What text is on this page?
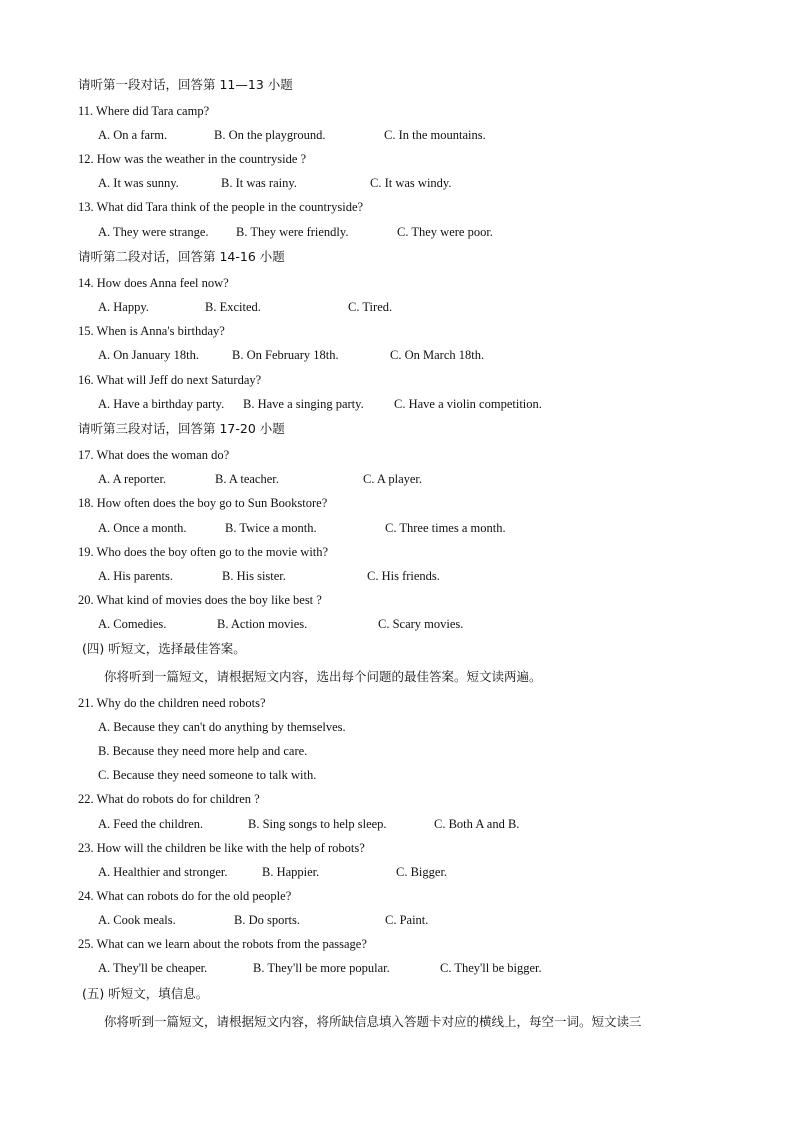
请听第一段对话，回答第 11—13 小题
11. Where did Tara camp?
A. On a farm.	B. On the playground.	C. In the mountains.
12. How was the weather in the countryside ?
A. It was sunny.	B. It was rainy.	C. It was windy.
13. What did Tara think of the people in the countryside?
A. They were strange. B. They were friendly.	C. They were poor.
请听第二段对话，回答第 14-16 小题
14. How does Anna feel now?
A. Happy.	B. Excited.	C. Tired.
15. When is Anna's birthday?
A. On January 18th.	B. On February 18th.	C. On March 18th.
16. What will Jeff do next Saturday?
A. Have a birthday party. B. Have a singing party. C. Have a violin competition.
请听第三段对话，回答第 17-20 小题
17. What does the woman do?
A. A reporter.	B. A teacher.	C. A player.
18. How often does the boy go to Sun Bookstore?
A. Once a month.	B. Twice a month.	C. Three times a month.
19. Who does the boy often go to the movie with?
A. His parents.	B. His sister.	C. His friends.
20. What kind of movies does the boy like best ?
A. Comedies.	B. Action movies.	C. Scary movies.
(四) 听短文，选择最佳答案。
你将听到一篇短文，请根据短文内容，选出每个问题的最佳答案。短文读两遍。
21. Why do the children need robots?
A. Because they can't do anything by themselves.
B. Because they need more help and care.
C. Because they need someone to talk with.
22. What do robots do for children ?
A. Feed the children.	B. Sing songs to help sleep.	C. Both A and B.
23. How will the children be like with the help of robots?
A. Healthier and stronger.	B. Happier.	C. Bigger.
24. What can robots do for the old people?
A. Cook meals.	B. Do sports.	C. Paint.
25. What can we learn about the robots from the passage?
A. They'll be cheaper.	B. They'll be more popular.	C. They'll be bigger.
(五) 听短文，填信息。
你将听到一篇短文，请根据短文内容，将所缺信息填入答题卡对应的横线上，每空一词。短文读三
